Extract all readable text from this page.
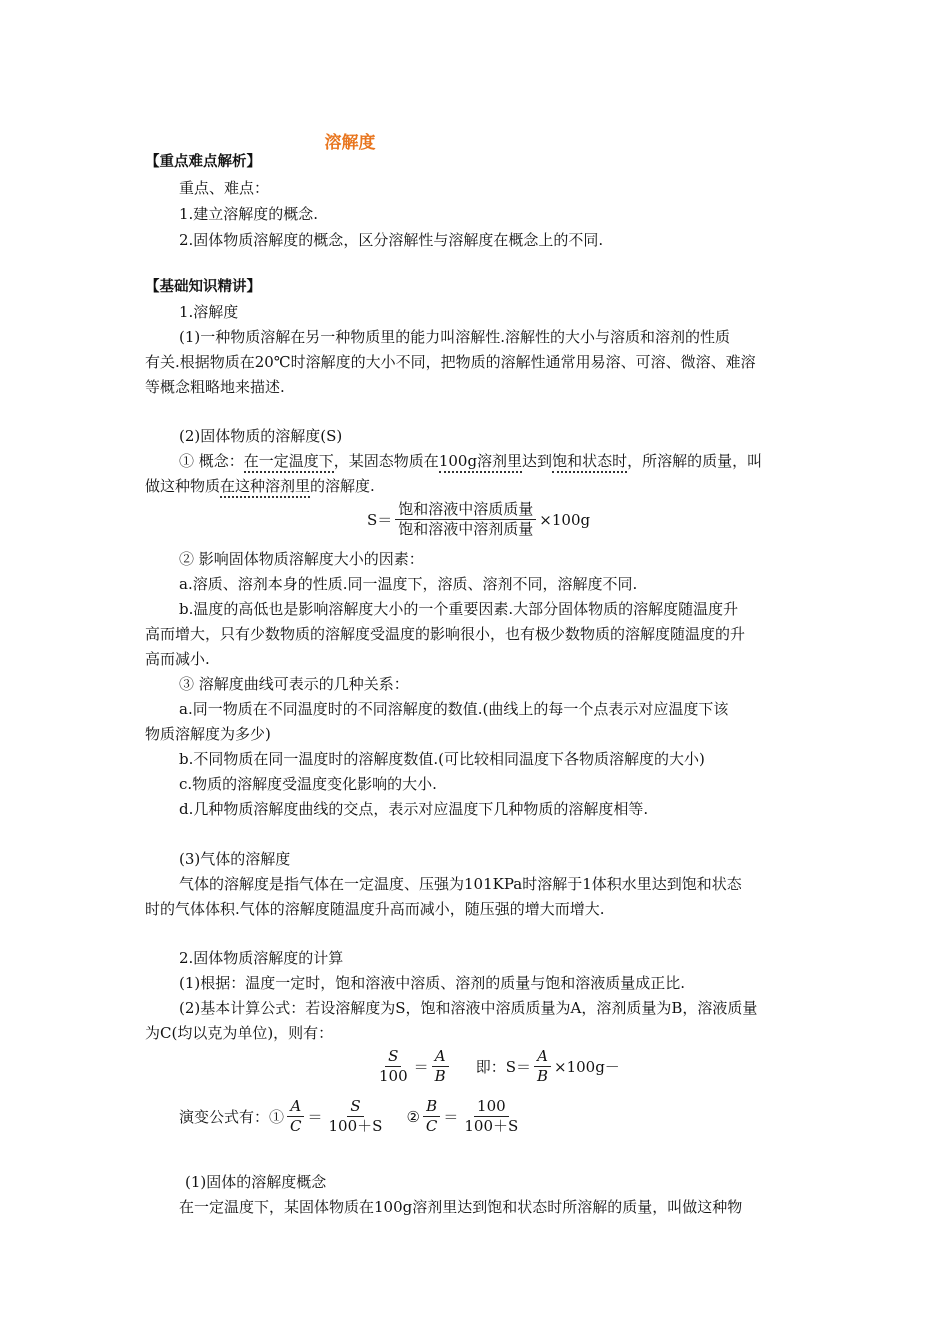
溶解度
【重点难点解析】
重点、难点：
1.建立溶解度的概念.
2.固体物质溶解度的概念，区分溶解性与溶解度在概念上的不同.
【基础知识精讲】
1.溶解度
(1)一种物质溶解在另一种物质里的能力叫溶解性.溶解性的大小与溶质和溶剂的性质
有关.根据物质在20℃时溶解度的大小不同，把物质的溶解性通常用易溶、可溶、微溶、难溶
等概念粗略地来描述.
(2)固体物质的溶解度(S)
① 概念：在一定温度下，某固态物质在100g溶剂里达到饱和状态时，所溶解的质量，叫
做这种物质在这种溶剂里的溶解度.
$S= \frac{\text{饱和溶液中溶质质量}}{\text{饱和溶液中溶剂质量}} \times 100g$
② 影响固体物质溶解度大小的因素：
a.溶质、溶剂本身的性质.同一温度下，溶质、溶剂不同，溶解度不同.
b.温度的高低也是影响溶解度大小的一个重要因素.大部分固体物质的溶解度随温度升
高而增大，只有少数物质的溶解度受温度的影响很小，也有极少数物质的溶解度随温度的升
高而减小.
③ 溶解度曲线可表示的几种关系：
a.同一物质在不同温度时的不同溶解度的数值.(曲线上的每一个点表示对应温度下该
物质溶解度为多少)
b.不同物质在同一温度时的溶解度数值.(可比较相同温度下各物质溶解度的大小)
c.物质的溶解度受温度变化影响的大小.
d.几种物质溶解度曲线的交点，表示对应温度下几种物质的溶解度相等.
(3)气体的溶解度
气体的溶解度是指气体在一定温度、压强为101KPa时溶解于1体积水里达到饱和状态
时的气体体积.气体的溶解度随温度升高而减小，随压强的增大而增大.
2.固体物质溶解度的计算
(1)根据：温度一定时，饱和溶液中溶质、溶剂的质量与饱和溶液质量成正比.
(2)基本计算公式：若设溶解度为S，饱和溶液中溶质质量为A，溶剂质量为B，溶液质量
为C(均以克为单位)，则有：
$\frac{S}{100} = \frac{A}{B}$ 即：$S= \frac{A}{B} \times 100g-$
演变公式有：① $\frac{A}{C} = \frac{S}{100+S}$ ② $\frac{B}{C} = \frac{100}{100+S}$
(1)固体的溶解度概念
在一定温度下，某固体物质在100g溶剂里达到饱和状态时所溶解的质量，叫做这种物
